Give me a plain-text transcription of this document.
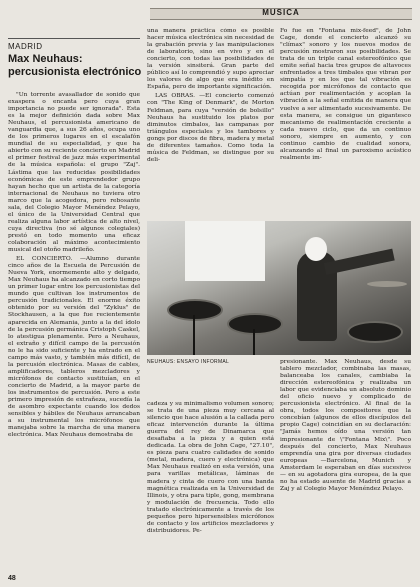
MUSICA
MADRID
Max Neuhaus: percusionista electrónico

"Un torrente avasallador de sonido que exaspera o encanta pero cuya gran importancia no puede ser ignorada". Esta es la mejor definición dada sobre Max Neuhaus, el percusionista americano de vanguardia que, a sus 26 años, ocupa uno de los primeros lugares en el escalafón mundial de su especialidad, y que ha abierto con su reciente concierto en Madrid el primer festival de jazz más experimental de la música española: el grupo "Zaj". Lástima que las reducidas posibilidades económicas de este emprendedor grupo hayan hecho que un artista de la categoría internacional de Neuhaus no tuviera otro marco que la acogedora, pero rebosante sala, del Colegio Mayor Menéndez Pelayo, el único de la Universidad Central que realiza alguna labor artística de alto nivel, cuya directiva (no sé algunos colegiales) prestó en todo momento una eficaz colaboración al máximo acontecimiento musical del otoño madrileño.

EL CONCIERTO. —Alumno durante cinco años de la Escuela de Percusión de Nueva York, enormemente alto y delgado, Max Neuhaus ha alcanzado en corto tiempo un primer lugar entre los percusionistas del mundo que cultivan los instrumentos de percusión tradicionales. El enorme éxito obtenido por su versión del "Zyklus" de Stockhausen, a la que fue recientemente aparecida en Alemania, junto a la del ídolo de la percusión germánica Cristoph Caskel, lo atestigua plenamente. Pero a Neuhaus, el extraño y difícil campo de la percusión no le ha sido suficiente y ha entrado en el campo más vasto, y también más difícil, de la percusión electrónica. Masas de cables, amplificadores, tableros mezcladores y micrófonos de contacto sustituían, en el concierto de Madrid, a la mayor parte de los instrumentos de percusión. Pero a este primero impresión de extrañeza, sucedía la de asombro expectante cuando los dedos sensibles y hábiles de Neuhaus arrancaban a su instrumental los micrófonos que manejaba sobre la marcha de una manera electrónica. Max Neuhaus demostraba de

una manera práctica cómo es posible hacer música electrónica sin necesidad de la grabación previa y las manipulaciones de laboratorio, sino en vivo y en el concierto, con todas las posibilidades de la versión sinsiterá. Gran parte del público así lo comprendió y supo apreciar los valores de algo que era inédito en España, pero de importante significación.

LAS OBRAS. —El concierto comenzó con "The King of Denmark", de Morton Feldman, para cuya "versión de bolsillo" Neuhaus ha sustituido los platos por diminutos cimbalos, las campanas por triángulos especiales y los tambores y gongs por discos de fibra, madera y metal de diferentes tamaños. Como toda la música de Feldman, se distingue por su deli-

Fo fue en "Fontana mix-feed", de John Cage, donde el concierto alcanzó su "clímax" sonoro y los nuevos modos de percusión mostraron sus posibilidades. Se trata de un triple canal estereofónico que emite señal hacia tres grupos de altavoces enfrentados a tres timbales que vibran por simpatía y en los que tal vibración es recogida por micrófonos de contacto que actúan por realimentación y acoplan la vibración a la señal emitida de manera que vuelve a ser alimentado sucesivamente. De esta manera, se consigue un gigantesco mecanismo de realimentación creciente a cada nuevo ciclo, que da un continuo sonoro, siempre en aumento, y con continuo cambio de cualidad sonora, alcanzando al final un paroxismo acústico realmente im-

NEUHAUS: ENSAYO INFORMAL

cadeza y su minimalismo volumen sonoro; se trata de una pieza muy cercana al silencio que hace alusión a la callada pero eficaz intervención durante la última guerra del rey de Dinamarca que desafiaba a la pieza y a quien está dedicada. La obra de John Cage, "27.10", es pieza para cuatro calidades de sonido (metal, madera, cuero y electrónica) que Max Neuhaus realizó en esta versión, una para varillas metálicas, láminas de madera y cinta de cuero con una banda magnética realizada en la Universidad de Illinois, y otra para tiple, gong, membrana y modulación de frecuencia. Todo ello tratado electrónicamente a través de los pequeños pero hipersensibles micrófonos de contacto y los artificios mezcladores y distribuidores. Pe-

presionante. Max Neuhaus, desde su tablero mezclador, combinaba las masas, balanceaba los canales, cambiaba la dirección estereofónica y realizaba un labor que evidenciaba un absoluto dominio del oficio nuevo y complicado de percusionista electrónico. Al final de la obra, todos los compositores que la concebían (algunos de ellos discípulos del propio Cage) coincidían en su declaración: "Jamás hemos oído una versión tan impresionante de \"Fontana Mix\". Poco después del concierto, Max Neuhaus emprendía una gira por diversas ciudades europeas —Barcelona, Munich y Amsterdam le esperaban en días sucesivos— en su agotadora gira europea, de la que no ha estado ausente de Madrid gracias a Zaj y al Colegio Mayor Menéndez Pelayo.

48
